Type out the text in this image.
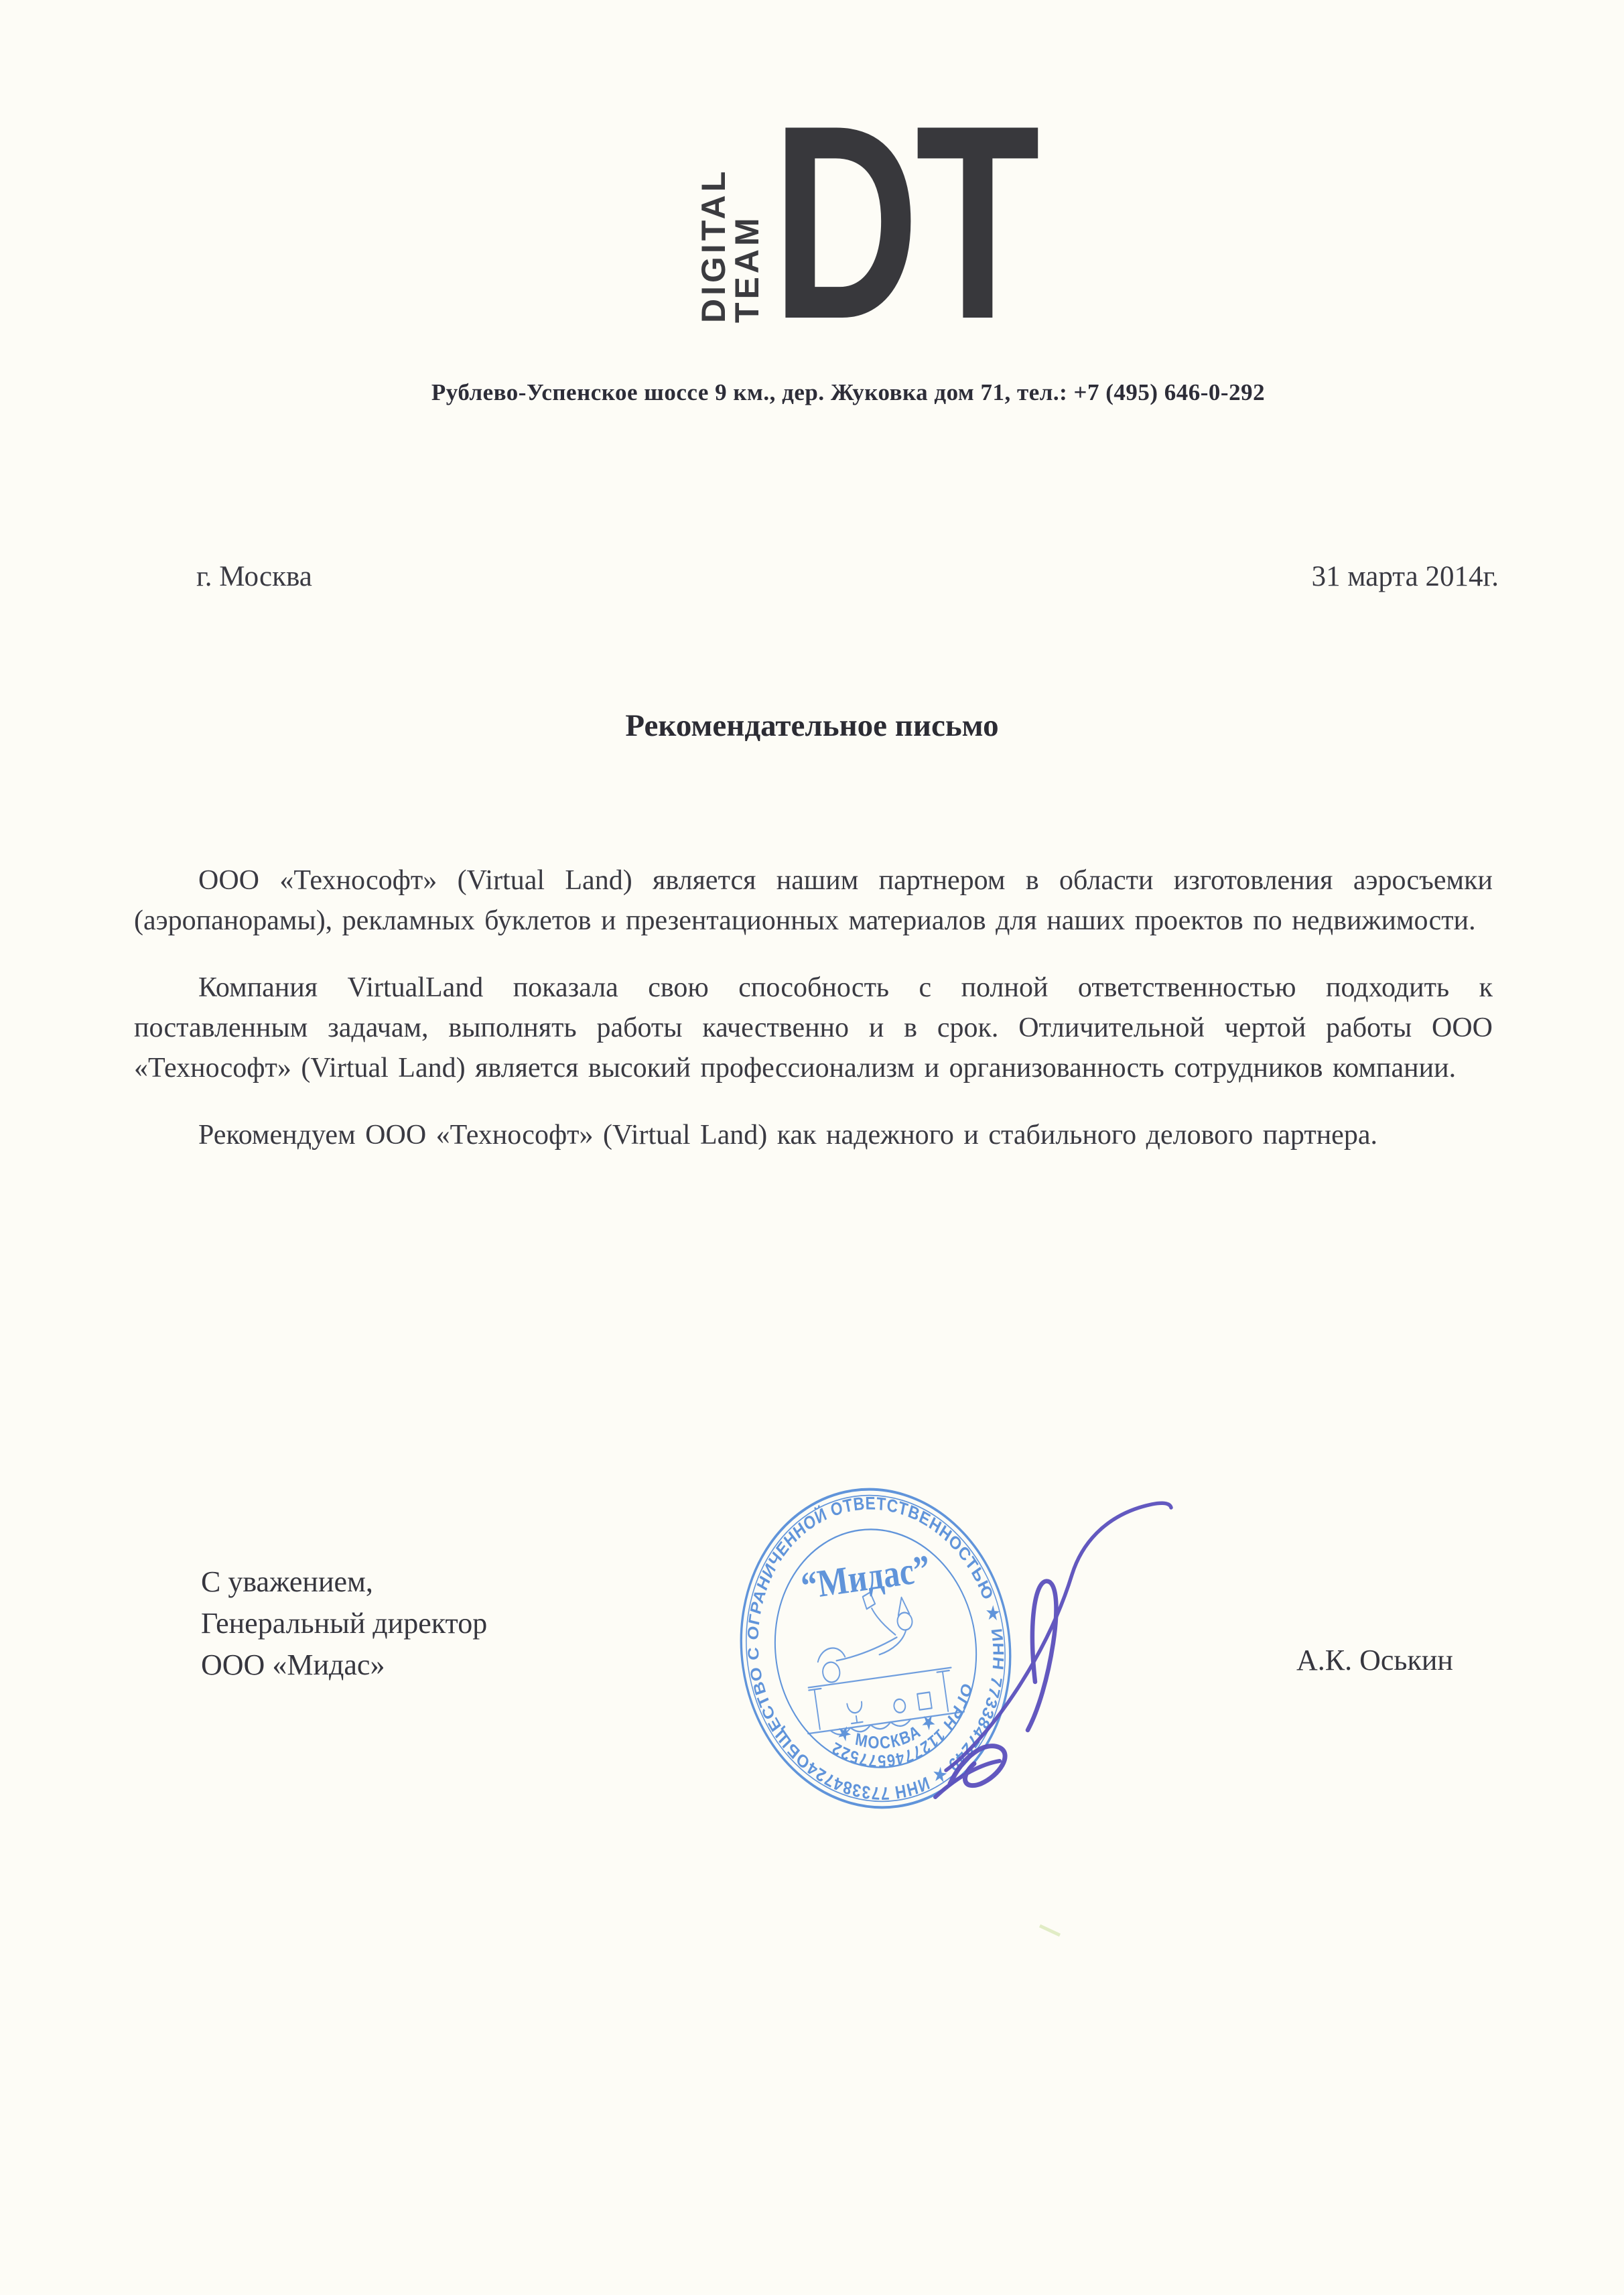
DIGITAL TEAM DT
Рублево-Успенское шоссе 9 км., дер. Жуковка дом 71, тел.: +7 (495) 646-0-292
г. Москва	31 марта 2014г.
Рекомендательное письмо

ООО «Технософт» (Virtual Land) является нашим партнером в области изготовления аэросъемки (аэропанорамы), рекламных буклетов и презентационных материалов для наших проектов по недвижимости.

Компания VirtualLand показала свою способность с полной ответственностью подходить к поставленным задачам, выполнять работы качественно и в срок. Отличительной чертой работы ООО «Технософт» (Virtual Land) является высокий профессионализм и организованность сотрудников компании.

Рекомендуем ООО «Технософт» (Virtual Land) как надежного и стабильного делового партнера.

С уважением,
Генеральный директор
ООО «Мидас»	А.К. Оськин
ОБЩЕСТВО С ОГРАНИЧЕННОЙ ОТВЕТСТВЕННОСТЬЮ ★ ИНН 7733847249 ★ ИНН 7733847249
ОГРН 1127746577522
“Мидас”
★ МОСКВА ★
